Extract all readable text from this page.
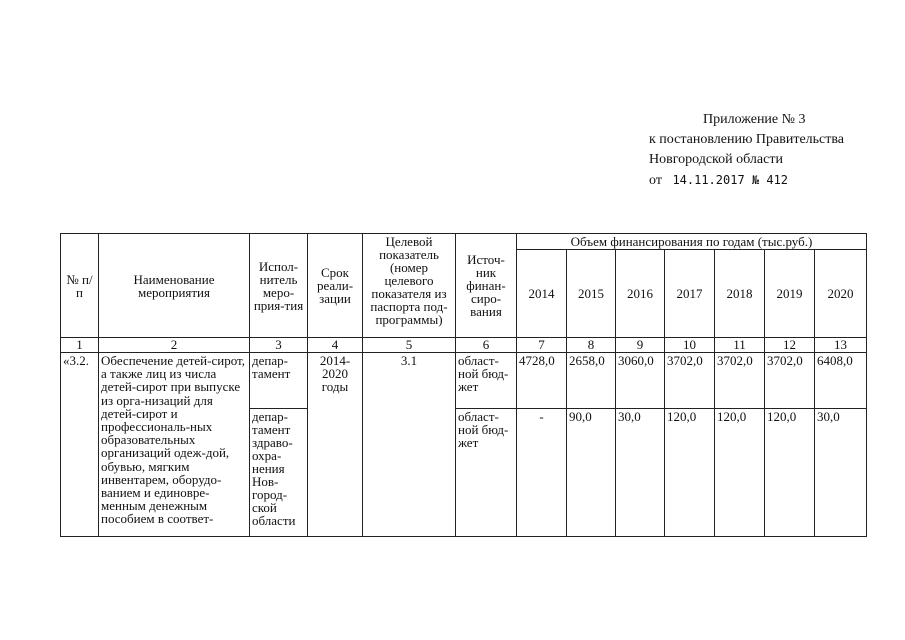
Приложение № 3
к постановлению Правительства
Новгородской области
от 14.11.2017 № 412
№ п/п	Наименование мероприятия	Испол-нитель меро-прия-тия	Срок реали-зации	Целевой показатель (номер целевого показателя из паспорта под-программы)	Источ-ник финан-сиро-вания	Объем финансирования по годам (тыс.руб.)						
						2014	2015	2016	2017	2018	2019	2020
1	2	3	4	5	6	7	8	9	10	11	12	13
«3.2.	Обеспечение детей-сирот, а также лиц из числа детей-сирот при выпуске из орга-низаций для детей-сирот и профессиональ-ных образовательных организаций одеж-дой, обувью, мягким инвентарем, оборудо-ванием и единовре-менным денежным пособием в соответ-	депар-тамент	2014-2020 годы	3.1	област-ной бюд-жет	4728,0	2658,0	3060,0	3702,0	3702,0	3702,0	6408,0
		депар-тамент здраво-охра-нения Нов-город-ской области			област-ной бюд-жет	-	90,0	30,0	120,0	120,0	120,0	30,0
